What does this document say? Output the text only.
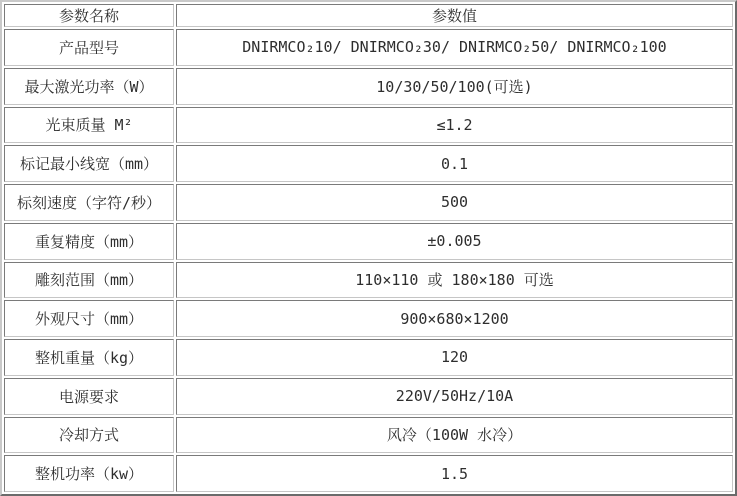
参数名称	参数值
产品型号	DNIRMCO₂10/ DNIRMCO₂30/ DNIRMCO₂50/ DNIRMCO₂100
最大激光功率（W）	10/30/50/100(可选)
光束质量 M²	≤1.2
标记最小线宽（mm）	0.1
标刻速度（字符/秒）	500
重复精度（mm）	±0.005
雕刻范围（mm）	110×110 或 180×180 可选
外观尺寸（mm）	900×680×1200
整机重量（kg）	120
电源要求	220V/50Hz/10A
冷却方式	风冷（100W 水冷）
整机功率（kw）	1.5
